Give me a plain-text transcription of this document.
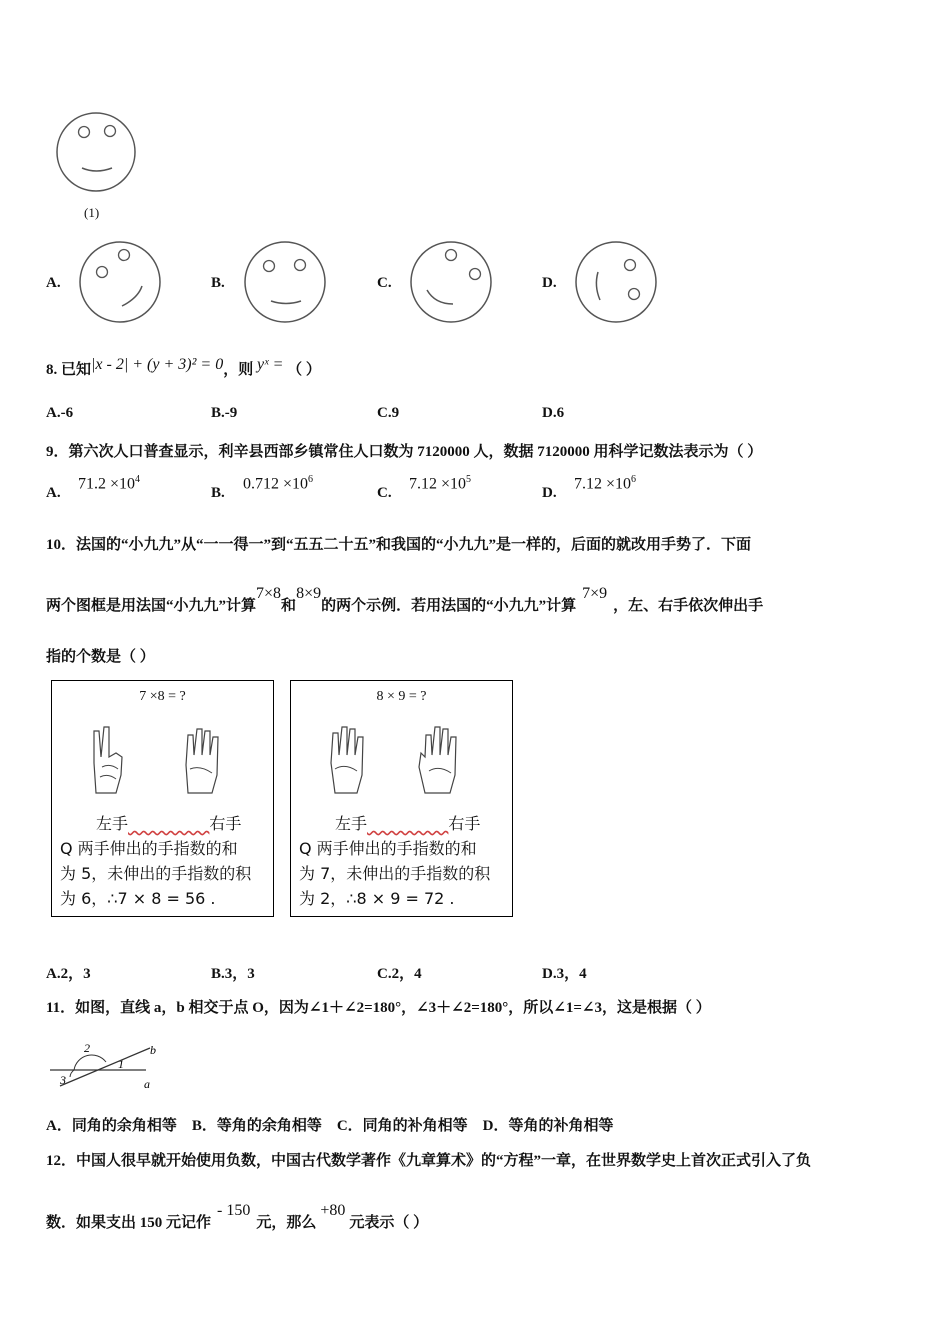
(1)
A.	B.	C.	D.
8. 已知|x - 2| + (y + 3)² = 0，则 yˣ = （ ）
A.-6	B.-9	C.9	D.6
9．第六次人口普查显示，利辛县西部乡镇常住人口数为 7120000 人，数据 7120000 用科学记数法表示为（ ）
A.
$71.2 \times 10^4$
B.
$0.712 \times 10^6$
C.
$7.12 \times 10^5$
D.
$7.12 \times 10^6$
10．法国的“小九九”从“一一得一”到“五五二十五”和我国的“小九九”是一样的，后面的就改用手势了．下面
两个图框是用法国“小九九”计算7×8和8×9的两个示例．若用法国的“小九九”计算7×9，左、右手依次伸出手
指的个数是（ ）
7 ×8 = ?
左手​                右手
Q 两手伸出的手指数的和
为 5，未伸出的手指数的积
为 6，∴7 × 8 = 56 .
8 × 9 = ?
左手​                右手
Q 两手伸出的手指数的和
为 7，未伸出的手指数的积
为 2，∴8 × 9 = 72 .
A.2，3	B.3，3	C.2，4	D.3，4
11．如图，直线 a，b 相交于点 O，因为∠1＋∠2=180°，∠3＋∠2=180°，所以∠1=∠3，这是根据（ ）
2
1
3
b
a
A．同角的余角相等    B．等角的余角相等    C．同角的补角相等    D．等角的补角相等
12．中国人很早就开始使用负数，中国古代数学著作《九章算术》的“方程”一章，在世界数学史上首次正式引入了负
数．如果支出 150 元记作- 150元，那么+80元表示（ ）
